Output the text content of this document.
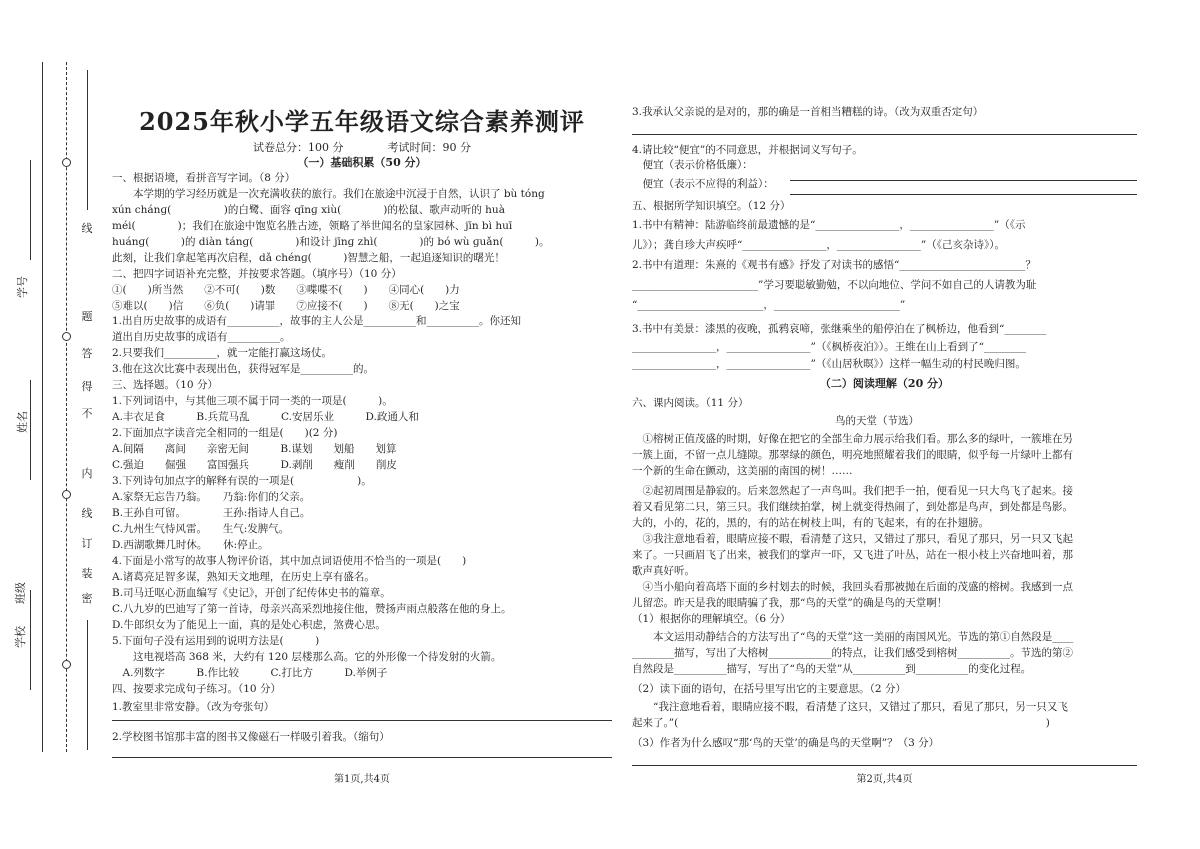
学号
姓名
学校　　班级
线
题
答
得
不
内
线
订
装
密
2025年秋小学五年级语文综合素养测评
试卷总分：100 分　　　　考试时间：90 分
（一）基础积累（50 分）
一、根据语境，看拼音写字词。（8 分）
　　本学期的学习经历就是一次充满收获的旅行。我们在旅途中沉浸于自然，认识了 bù tóng
xún chánɡ(　　　　　)的白鹭、面容 qīnɡ xiù(　　　　)的松鼠、歌声动听的 huà
méi(　　　　)；我们在旅途中饱览名胜古迹，领略了举世闻名的皇家园林、jīn bì huī
huánɡ(　　　)的 diàn tánɡ(　　　　)和设计 jīnɡ zhì(　　　　)的 bó wù ɡuǎn(　　　)。
此刻，让我们拿起笔再次启程，dǎ chénɡ(　　　)智慧之船，一起追逐知识的曙光！
二、把四字词语补充完整，并按要求答题。（填序号）（10 分）
①(　　)所当然　　②不可(　　)数　　③喋喋不(　　)　　④同心(　　)力
⑤难以(　　)信　　⑥负(　　)请罪　　⑦应接不(　　)　　⑧无(　　)之宝
1.出自历史故事的成语有__________，故事的主人公是__________和__________。你还知
道出自历史故事的成语有__________。
2.只要我们__________，就一定能打赢这场仗。
3.他在这次比赛中表现出色，获得冠军是__________的。
三、选择题。（10 分）
1.下列词语中，与其他三项不属于同一类的一项是(　　　)。
A.丰衣足食　　　B.兵荒马乱　　　C.安居乐业　　　D.政通人和
2.下面加点字读音完全相同的一组是(　　)(2 分)
A.间隔　　离间　　亲密无间　　　B.谋划　　划船　　划算
C.强迫　　倔强　　富国强兵　　　D.剥削　　瘦削　　削皮
3.下列诗句加点字的解释有误的一项是(　　　　　　)。
A.家祭无忘告乃翁。　　乃翁:你们的父亲。
B.王孙自可留。　　　　王孙:指诗人自己。
C.九州生气恃风雷。　　生气:发脾气。
D.西湖歌舞几时休。　　休:停止。
4.下面是小常写的故事人物评价语，其中加点词语使用不恰当的一项是(　　)
A.诸葛亮足智多谋，熟知天文地理，在历史上享有盛名。
B.司马迁呕心沥血编写《史记》，开创了纪传体史书的篇章。
C.八九岁的巴迪写了第一首诗，母亲兴高采烈地接住他，赞扬声雨点般落在他的身上。
D.牛郎织女为了能见上一面，真的是处心积虑，煞费心思。
5.下面句子没有运用到的说明方法是(　　　)
　　这电视塔高 368 米，大约有 120 层楼那么高。它的外形像一个待发射的火箭。
　A.列数字　　　B.作比较　　　C.打比方　　　D.举例子
四、按要求完成句子练习。（10 分）
1.教室里非常安静。（改为夸张句）
2.学校图书馆那丰富的图书又像磁石一样吸引着我。（缩句）
第1页,共4页
3.我承认父亲说的是对的，那的确是一首相当糟糕的诗。（改为双重否定句）
4.请比较“便宜”的不同意思，并根据词义写句子。
　便宜（表示价格低廉）：
　便宜（表示不应得的利益）：
五、根据所学知识填空。（12 分）
1.书中有精神：陆游临终前最遗憾的是“________________，________________”（《示
儿》）；龚自珍大声疾呼“________________，________________”（《己亥杂诗》）。
2.书中有道理：朱熹的《观书有感》抒发了对读书的感悟“________________________？
________________________”学习要聪敏勤勉，不以向地位、学问不如自己的人请教为耻
“________________________，________________________”
3.书中有美景：漆黑的夜晚，孤鸦哀啼，张继乘坐的船停泊在了枫桥边，他看到“________
________________，________________”（《枫桥夜泊》）。王维在山上看到了“________
________________，________________”（《山居秋暝》）这样一幅生动的村民晚归图。
（二）阅读理解（20 分）
六、课内阅读。（11 分）
鸟的天堂（节选）
　①榕树正值茂盛的时期，好像在把它的全部生命力展示给我们看。那么多的绿叶，一簇堆在另
一簇上面，不留一点儿缝隙。那翠绿的颜色，明亮地照耀着我们的眼睛，似乎每一片绿叶上都有
一个新的生命在颤动，这美丽的南国的树！……
　②起初周围是静寂的。后来忽然起了一声鸟叫。我们把手一拍，便看见一只大鸟飞了起来。接
着又看见第二只，第三只。我们继续拍掌，树上就变得热闹了，到处都是鸟声，到处都是鸟影。
大的，小的，花的，黑的，有的站在树枝上叫，有的飞起来，有的在扑翅膀。
　③我注意地看着，眼睛应接不暇，看清楚了这只，又错过了那只，看见了那只，另一只又飞起
来了。一只画眉飞了出来，被我们的掌声一吓，又飞进了叶丛，站在一根小枝上兴奋地叫着，那
歌声真好听。
　④当小船向着高塔下面的乡村划去的时候，我回头看那被抛在后面的茂盛的榕树。我感到一点
儿留恋。昨天是我的眼睛骗了我，那“鸟的天堂”的确是鸟的天堂啊！
（1）根据你的理解填空。（6 分）
　　本文运用动静结合的方法写出了“鸟的天堂”这一美丽的南国风光。节选的第①自然段是____
________描写，写出了大榕树____________的特点，让我们感受到榕树__________。节选的第②
自然段是__________描写，写出了“鸟的天堂”从__________到__________的变化过程。
（2）读下面的语句，在括号里写出它的主要意思。（2 分）
　　“我注意地看着，眼睛应接不暇，看清楚了这只，又错过了那只，看见了那只，另一只又飞
起来了。”(　　　　　　　　　　　　　　　　　　　　　　　　　　　　　　　　　　　)
（3）作者为什么感叹“那‘鸟的天堂’的确是鸟的天堂啊”？（3 分）
第2页,共4页
